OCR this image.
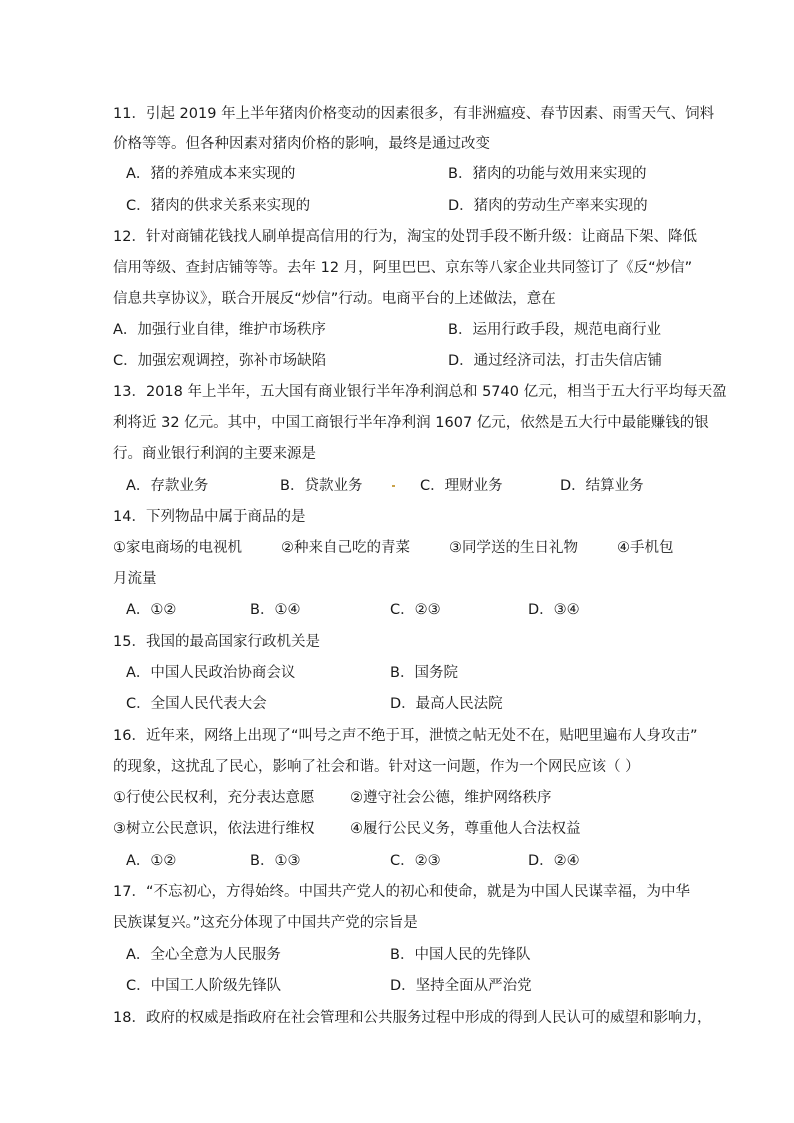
11．引起 2019 年上半年猪肉价格变动的因素很多，有非洲瘟疫、春节因素、雨雪天气、饲料
价格等等。但各种因素对猪肉价格的影响，最终是通过改变
A．猪的养殖成本来实现的	B．猪肉的功能与效用来实现的
C．猪肉的供求关系来实现的	D．猪肉的劳动生产率来实现的
12．针对商铺花钱找人刷单提高信用的行为，淘宝的处罚手段不断升级：让商品下架、降低
信用等级、查封店铺等等。去年 12 月，阿里巴巴、京东等八家企业共同签订了《反“炒信”
信息共享协议》，联合开展反“炒信”行动。电商平台的上述做法，意在
A．加强行业自律，维护市场秩序	B．运用行政手段，规范电商行业
C．加强宏观调控，弥补市场缺陷	D．通过经济司法，打击失信店铺
13．2018 年上半年，五大国有商业银行半年净利润总和 5740 亿元，相当于五大行平均每天盈
利将近 32 亿元。其中，中国工商银行半年净利润 1607 亿元，依然是五大行中最能赚钱的银
行。商业银行利润的主要来源是
A．存款业务	B．贷款业务	C．理财业务	D．结算业务
14．下列物品中属于商品的是
①家电商场的电视机	②种来自己吃的青菜	③同学送的生日礼物	④手机包
月流量
A．①②	B．①④	C．②③	D．③④
15．我国的最高国家行政机关是
A．中国人民政治协商会议	B．国务院
C．全国人民代表大会	D．最高人民法院
16．近年来，网络上出现了“叫号之声不绝于耳，泄愤之帖无处不在，贴吧里遍布人身攻击”
的现象，这扰乱了民心，影响了社会和谐。针对这一问题，作为一个网民应该（ ）
①行使公民权利，充分表达意愿 ②遵守社会公德，维护网络秩序
③树立公民意识，依法进行维权 ④履行公民义务，尊重他人合法权益
A．①②	B．①③	C．②③	D．②④
17．“不忘初心，方得始终。中国共产党人的初心和使命，就是为中国人民谋幸福，为中华
民族谋复兴。”这充分体现了中国共产党的宗旨是
A．全心全意为人民服务	B．中国人民的先锋队
C．中国工人阶级先锋队	D．坚持全面从严治党
18．政府的权威是指政府在社会管理和公共服务过程中形成的得到人民认可的威望和影响力，
